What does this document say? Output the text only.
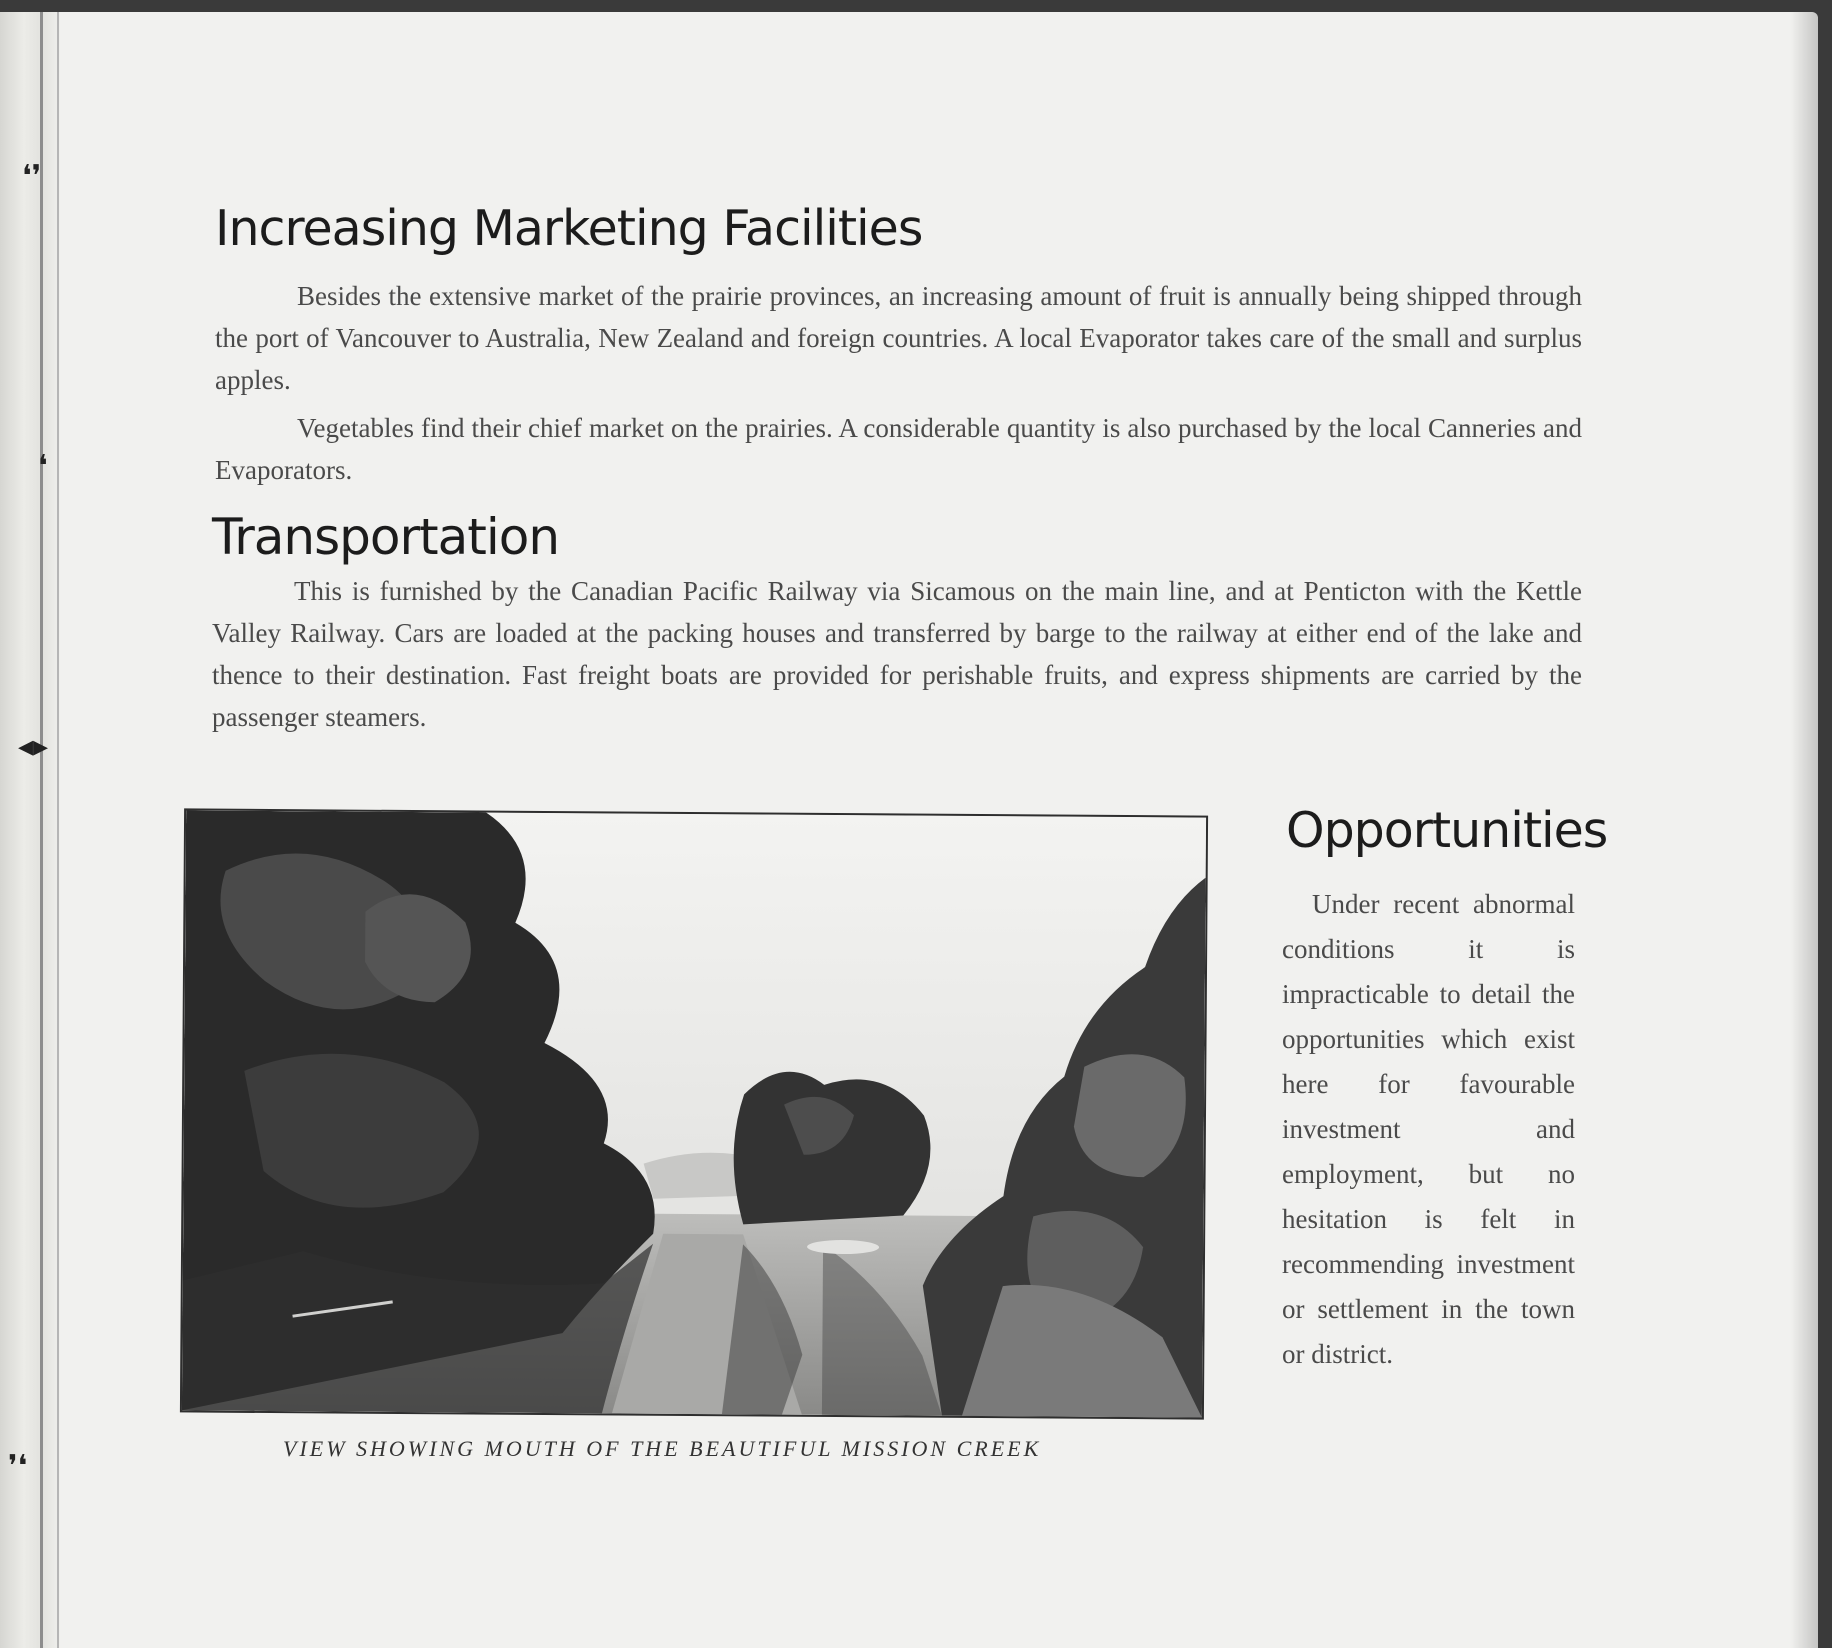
❛❜
❛
◂▸
❜❛
Increasing Marketing Facilities

Besides the extensive market of the prairie provinces, an increasing amount of fruit is annually being shipped through the port of Vancouver to Australia, New Zealand and foreign countries. A local Evaporator takes care of the small and surplus apples.

Vegetables find their chief market on the prairies. A considerable quantity is also purchased by the local Canneries and Evaporators.

Transportation

This is furnished by the Canadian Pacific Railway via Sicamous on the main line, and at Penticton with the Kettle Valley Railway. Cars are loaded at the packing houses and transferred by barge to the railway at either end of the lake and thence to their destination. Fast freight boats are provided for perishable fruits, and express shipments are carried by the passenger steamers.

VIEW SHOWING MOUTH OF THE BEAUTIFUL MISSION CREEK

Opportunities

Under recent abnormal conditions it is impracticable to detail the opportunities which exist here for favourable investment and employment, but no hesitation is felt in recommending investment or settlement in the town or district.
